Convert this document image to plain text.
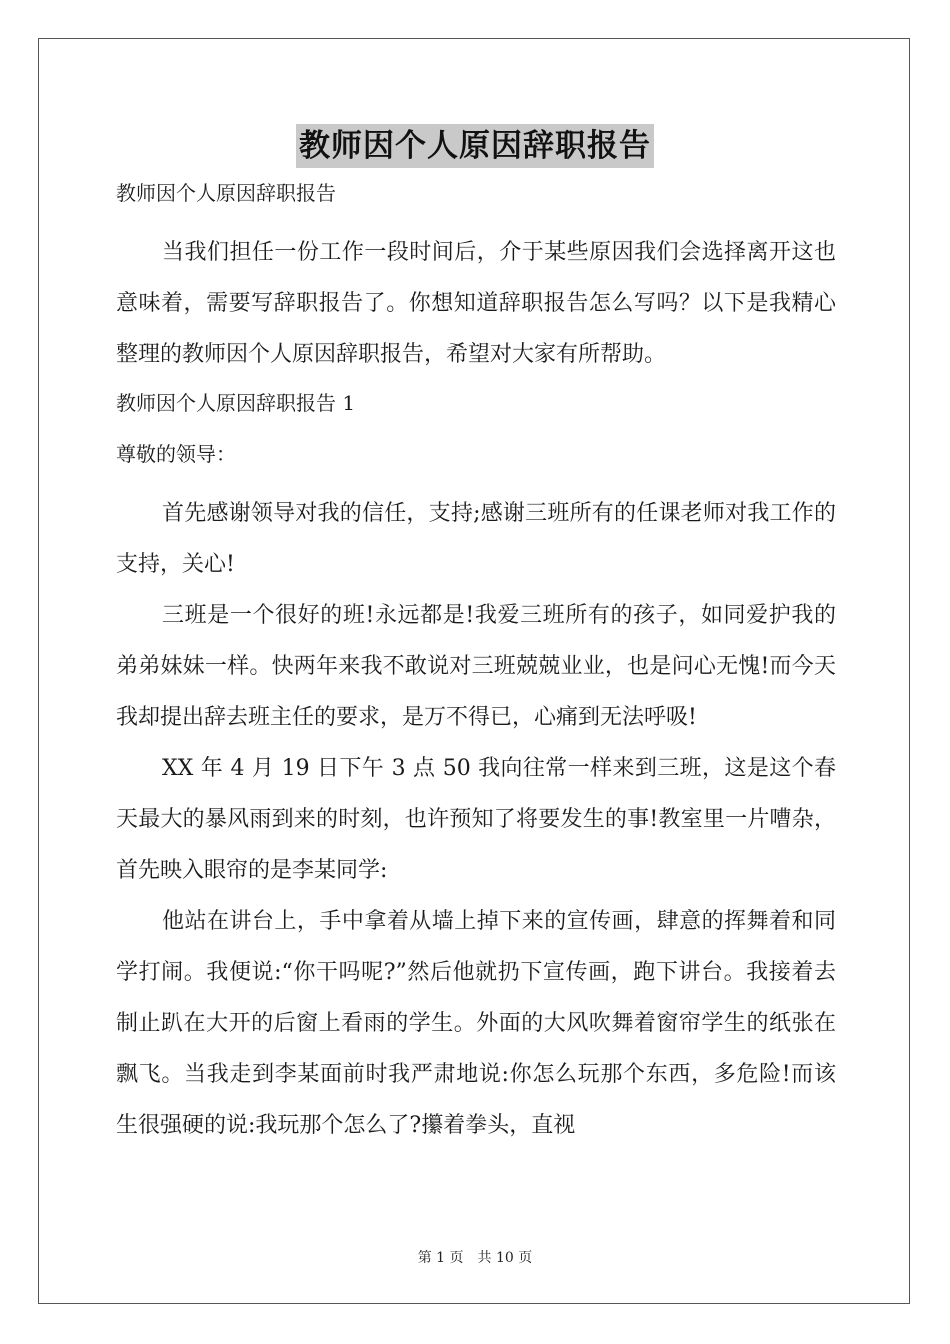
教师因个人原因辞职报告

教师因个人原因辞职报告

当我们担任一份工作一段时间后，介于某些原因我们会选择离开这也意味着，需要写辞职报告了。你想知道辞职报告怎么写吗？以下是我精心整理的教师因个人原因辞职报告，希望对大家有所帮助。

教师因个人原因辞职报告 1

尊敬的领导：

首先感谢领导对我的信任，支持;感谢三班所有的任课老师对我工作的支持，关心!

三班是一个很好的班!永远都是!我爱三班所有的孩子，如同爱护我的弟弟妹妹一样。快两年来我不敢说对三班兢兢业业，也是问心无愧!而今天我却提出辞去班主任的要求，是万不得已，心痛到无法呼吸!

XX 年 4 月 19 日下午 3 点 50 我向往常一样来到三班，这是这个春天最大的暴风雨到来的时刻，也许预知了将要发生的事!教室里一片嘈杂，首先映入眼帘的是李某同学:

他站在讲台上，手中拿着从墙上掉下来的宣传画，肆意的挥舞着和同学打闹。我便说:“你干吗呢?”然后他就扔下宣传画，跑下讲台。我接着去制止趴在大开的后窗上看雨的学生。外面的大风吹舞着窗帘学生的纸张在飘飞。当我走到李某面前时我严肃地说:你怎么玩那个东西，多危险!而该生很强硬的说:我玩那个怎么了?攥着拳头，直视

第 1 页 共 10 页
